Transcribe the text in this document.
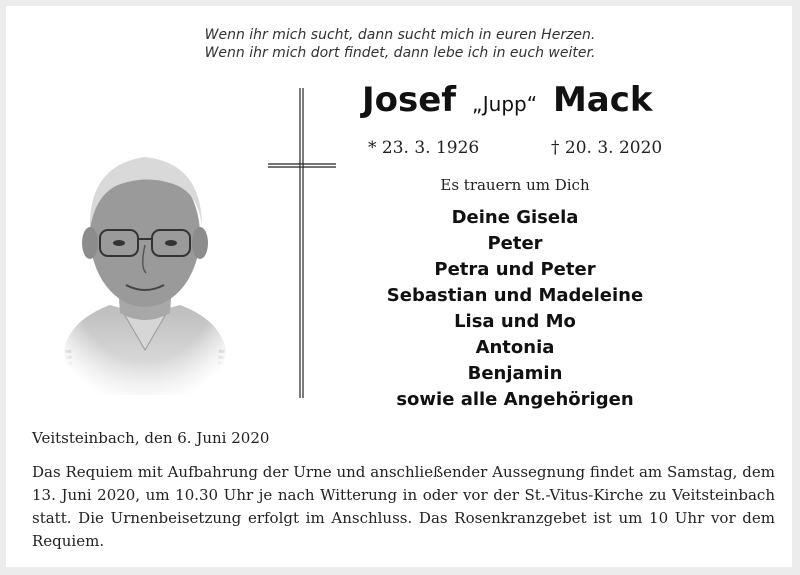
Wenn ihr mich sucht, dann sucht mich in euren Herzen.
Wenn ihr mich dort findet, dann lebe ich in euch weiter.
Josef „Jupp“ Mack
* 23. 3. 1926	† 20. 3. 2020
Es trauern um Dich
Deine Gisela
Peter
Petra und Peter
Sebastian und Madeleine
Lisa und Mo
Antonia
Benjamin
sowie alle Angehörigen
Veitsteinbach, den 6. Juni 2020
Das Requiem mit Aufbahrung der Urne und anschließender Aussegnung findet am Samstag, dem 13. Juni 2020, um 10.30 Uhr je nach Witterung in oder vor der St.-Vitus-Kirche zu Veitsteinbach statt. Die Urnenbeisetzung erfolgt im Anschluss. Das Rosenkranzgebet ist um 10 Uhr vor dem Requiem.
